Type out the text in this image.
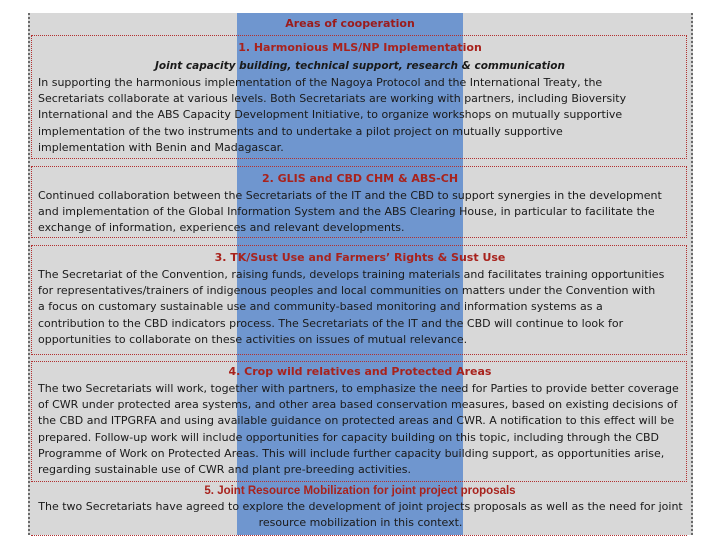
Areas of cooperation
1. Harmonious MLS/NP Implementation
Joint capacity building, technical support, research & communication
In supporting the harmonious implementation of the Nagoya Protocol and the International Treaty, the Secretariats collaborate at various levels. Both Secretariats are working with partners, including Bioversity International and the ABS Capacity Development Initiative, to organize workshops on mutually supportive implementation of the two instruments and to undertake a pilot project on mutually supportive implementation with Benin and Madagascar.
2. GLIS and CBD CHM & ABS-CH
Continued collaboration between the Secretariats of the IT and the CBD to support synergies in the development and implementation of the Global Information System and the ABS Clearing House, in particular to facilitate the exchange of information, experiences and relevant developments.
3. TK/Sust Use and Farmers’ Rights & Sust Use
The Secretariat of the Convention, raising funds, develops training materials and facilitates training opportunities for representatives/trainers of indigenous peoples and local communities on matters under the Convention with a focus on customary sustainable use and community-based monitoring and information systems as a contribution to the CBD indicators process. The Secretariats of the IT and the CBD will continue to look for opportunities to collaborate on these activities on issues of mutual relevance.
4. Crop wild relatives and Protected Areas
The two Secretariats will work, together with partners, to emphasize the need for Parties to provide better coverage of CWR under protected area systems, and other area based conservation measures, based on existing decisions of the CBD and ITPGRFA and using available guidance on protected areas and CWR. A notification to this effect will be prepared. Follow-up work will include opportunities for capacity building on this topic, including through the CBD Programme of Work on Protected Areas. This will include further capacity building support, as opportunities arise, regarding sustainable use of CWR and plant pre-breeding activities.
5. Joint Resource Mobilization for joint project proposals
The two Secretariats have agreed to explore the development of joint projects proposals as well as the need for joint resource mobilization in this context.
